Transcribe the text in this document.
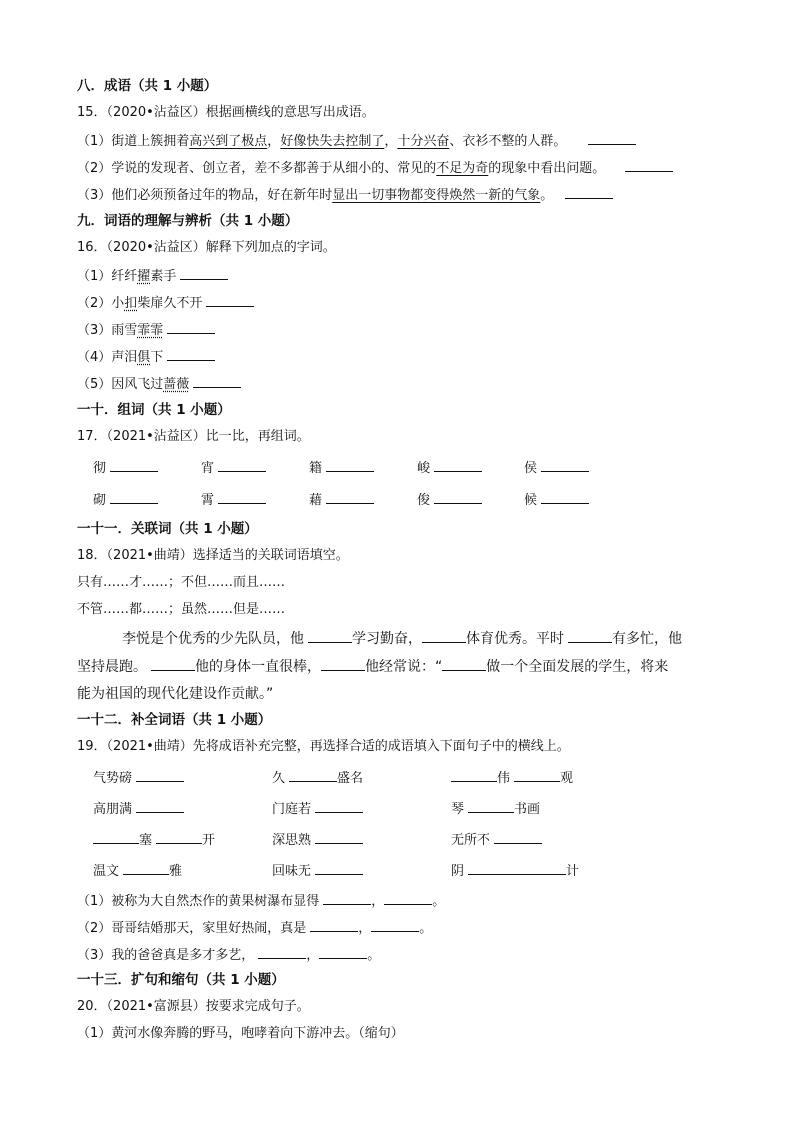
八．成语（共 1 小题）
15．（2020•沾益区）根据画横线的意思写出成语。
（1）街道上簇拥着高兴到了极点，好像快失去控制了，十分兴奋、衣衫不整的人群。
（2）学说的发现者、创立者，差不多都善于从细小的、常见的不足为奇的现象中看出问题。
（3）他们必须预备过年的物品，好在新年时显出一切事物都变得焕然一新的气象。
九．词语的理解与辨析（共 1 小题）
16．（2020•沾益区）解释下列加点的字词。
（1）纤纤擢素手
（2）小扣柴扉久不开
（3）雨雪霏霏
（4）声泪俱下
（5）因风飞过蔷薇
一十．组词（共 1 小题）
17．（2021•沾益区）比一比，再组词。
彻	宵	籍	峻	侯
砌	霄	藉	俊	候
一十一．关联词（共 1 小题）
18．（2021•曲靖）选择适当的关联词语填空。
只有……才……；不但……而且……
不管……都……；虽然……但是……
李悦是个优秀的少先队员，他	学习勤奋，	体育优秀。平时	有多忙，他
坚持晨跑。	他的身体一直很棒，	他经常说：“	做一个全面发展的学生，将来
能为祖国的现代化建设作贡献。”
一十二．补全词语（共 1 小题）
19．（2021•曲靖）先将成语补充完整，再选择合适的成语填入下面句子中的横线上。
气势磅	久	盛名	伟	观
高朋满	门庭若	琴	书画
塞	开	深思熟	无所不
温文	雅	回味无	阴	计
（1）被称为大自然杰作的黄果树瀑布显得	，	。
（2）哥哥结婚那天，家里好热闹，真是	，	。
（3）我的爸爸真是多才多艺，	，	。
一十三．扩句和缩句（共 1 小题）
20．（2021•富源县）按要求完成句子。
（1）黄河水像奔腾的野马，咆哮着向下游冲去。（缩句）
